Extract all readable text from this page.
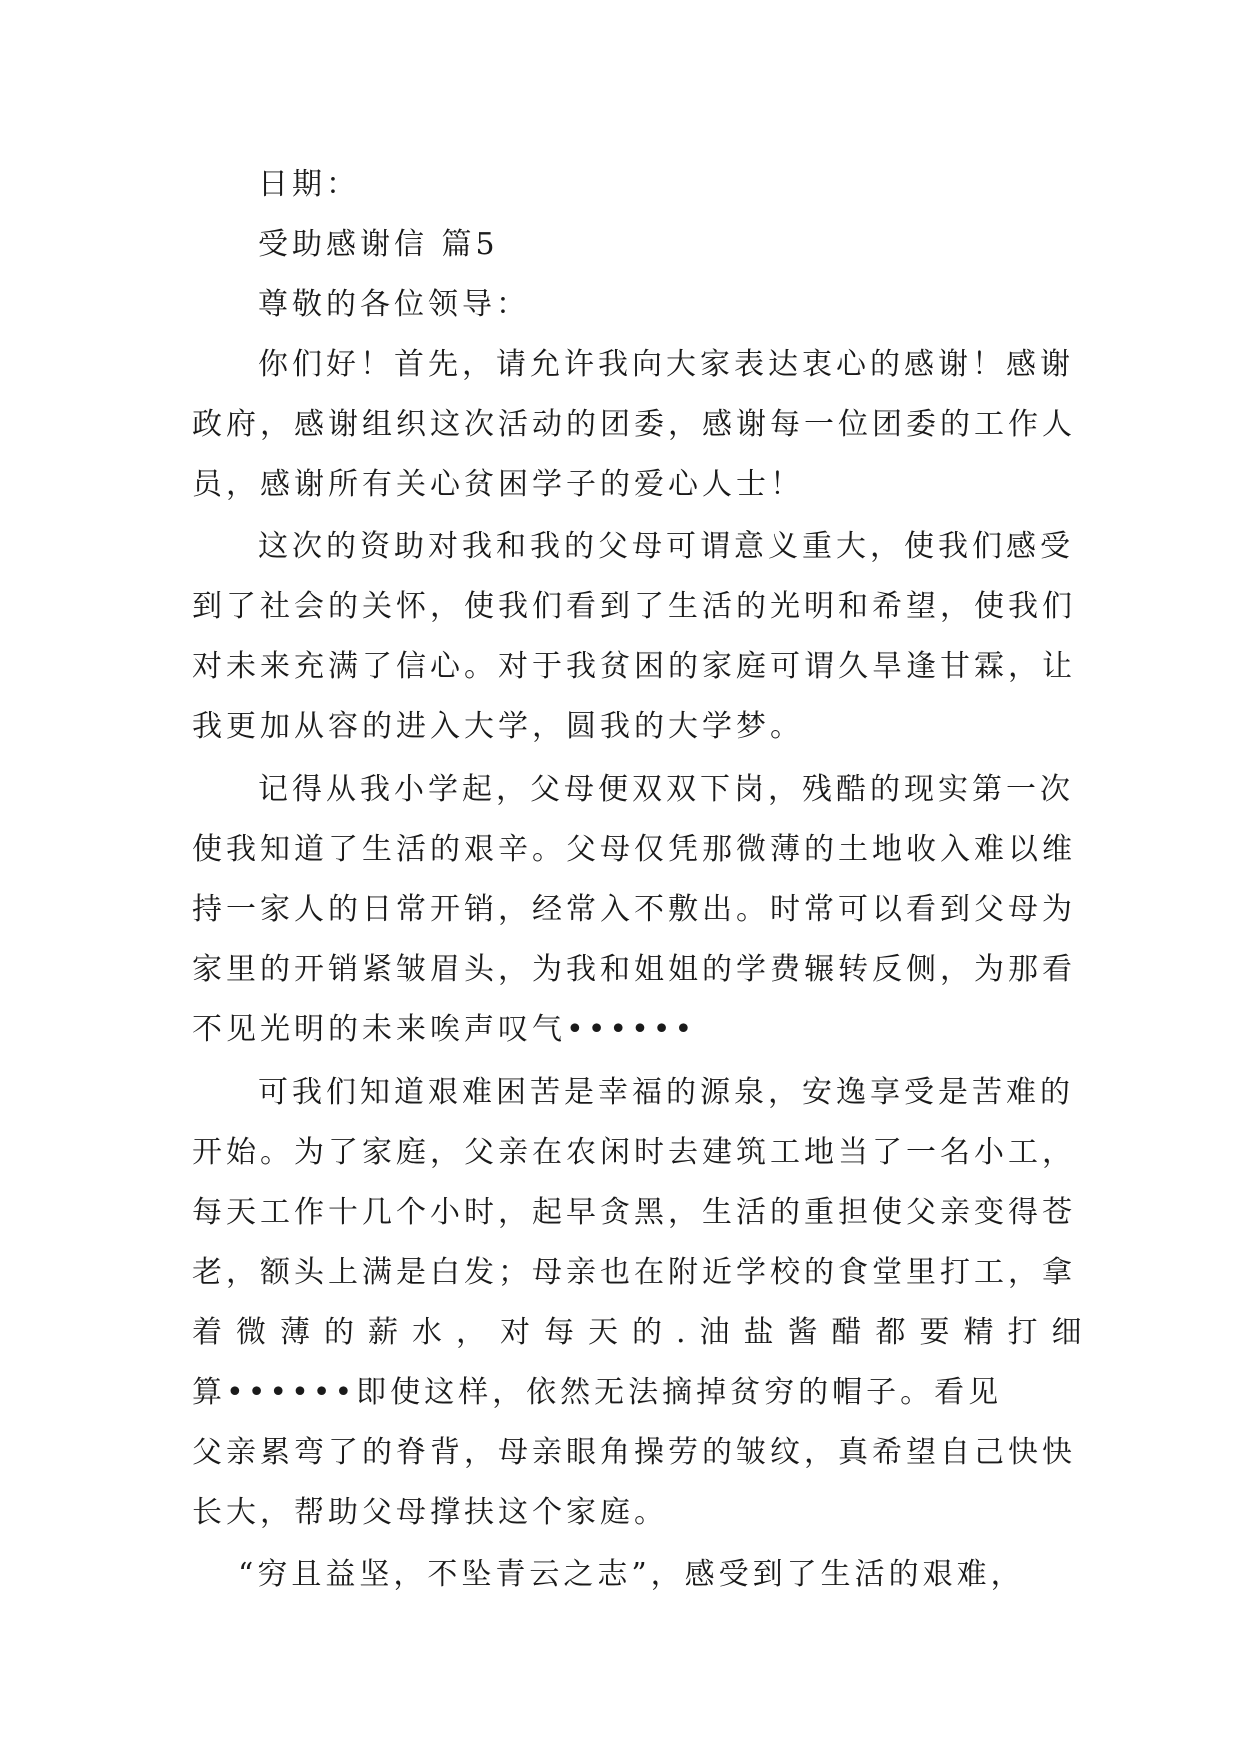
日期：
受助感谢信 篇5
尊敬的各位领导：
你们好！首先，请允许我向大家表达衷心的感谢！感谢
政府，感谢组织这次活动的团委，感谢每一位团委的工作人
员，感谢所有关心贫困学子的爱心人士！
这次的资助对我和我的父母可谓意义重大，使我们感受
到了社会的关怀，使我们看到了生活的光明和希望，使我们
对未来充满了信心。对于我贫困的家庭可谓久旱逢甘霖，让
我更加从容的进入大学，圆我的大学梦。
记得从我小学起，父母便双双下岗，残酷的现实第一次
使我知道了生活的艰辛。父母仅凭那微薄的土地收入难以维
持一家人的日常开销，经常入不敷出。时常可以看到父母为
家里的开销紧皱眉头，为我和姐姐的学费辗转反侧，为那看
不见光明的未来唉声叹气••••••
可我们知道艰难困苦是幸福的源泉，安逸享受是苦难的
开始。为了家庭，父亲在农闲时去建筑工地当了一名小工，
每天工作十几个小时，起早贪黑，生活的重担使父亲变得苍
老，额头上满是白发；母亲也在附近学校的食堂里打工，拿
着微薄的薪水，对每天的.油盐酱醋都要精打细
算••••••即使这样，依然无法摘掉贫穷的帽子。看见
父亲累弯了的脊背，母亲眼角操劳的皱纹，真希望自己快快
长大，帮助父母撑扶这个家庭。
“穷且益坚，不坠青云之志”，感受到了生活的艰难，
